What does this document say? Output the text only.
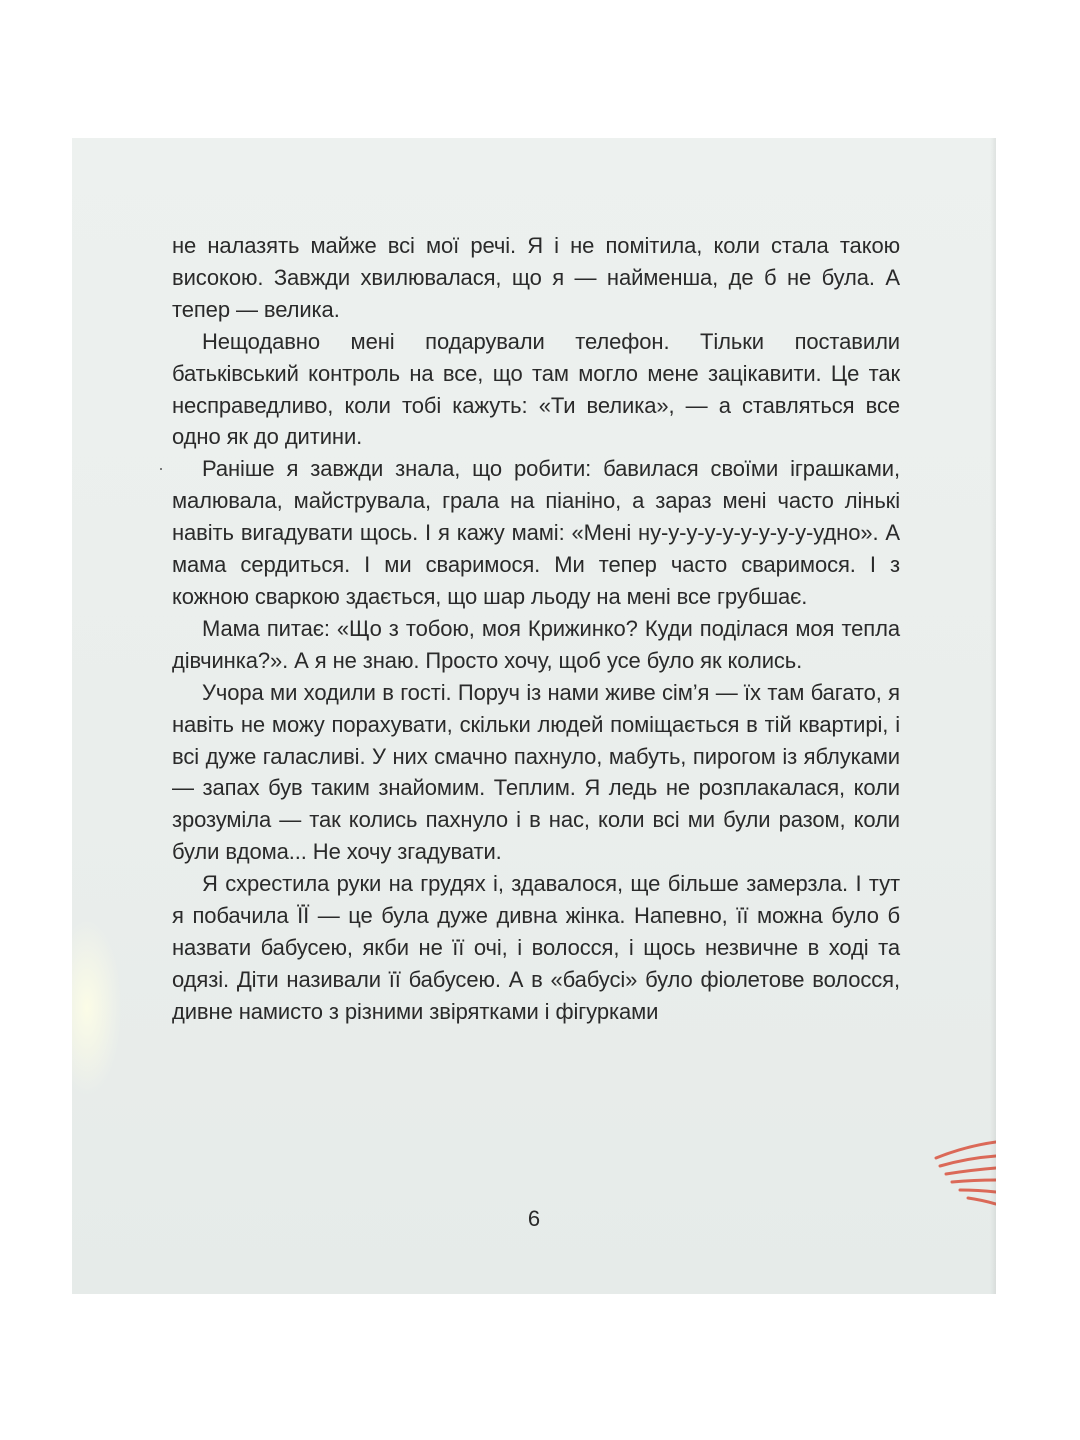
не налазять майже всі мої речі. Я і не помітила, коли стала такою високою. Завжди хвилювалася, що я — найменша, де б не була. А тепер — велика.

Нещодавно мені подарували телефон. Тільки поставили батьківський контроль на все, що там могло мене зацікавити. Це так несправедливо, коли тобі кажуть: «Ти велика», — а ставляться все одно як до дитини.

Раніше я завжди знала, що робити: бавилася своїми іграшками, малювала, майструвала, грала на піаніно, а зараз мені часто лінькі навіть вигадувати щось. І я кажу мамі: «Мені ну-у-у-у-у-у-у-у-у-удно». А мама сердиться. І ми сваримося. Ми тепер часто сваримося. І з кожною сваркою здається, що шар льоду на мені все грубшає.

Мама питає: «Що з тобою, моя Крижинко? Куди поділася моя тепла дівчинка?». А я не знаю. Просто хочу, щоб усе було як колись.

Учора ми ходили в гості. Поруч із нами живе сім’я — їх там багато, я навіть не можу порахувати, скільки людей поміщається в тій квартирі, і всі дуже галасливі. У них смачно пахнуло, мабуть, пирогом із яблуками — запах був таким знайомим. Теплим. Я ледь не розплакалася, коли зрозуміла — так колись пахнуло і в нас, коли всі ми були разом, коли були вдома... Не хочу згадувати.

Я схрестила руки на грудях і, здавалося, ще більше замерзла. І тут я побачила ЇЇ — це була дуже дивна жінка. Напевно, її можна було б назвати бабусею, якби не її очі, і волосся, і щось незвичне в ході та одязі. Діти називали її бабусею. А в «бабусі» було фіолетове волосся, дивне намисто з різними звірятками і фігурками

6
